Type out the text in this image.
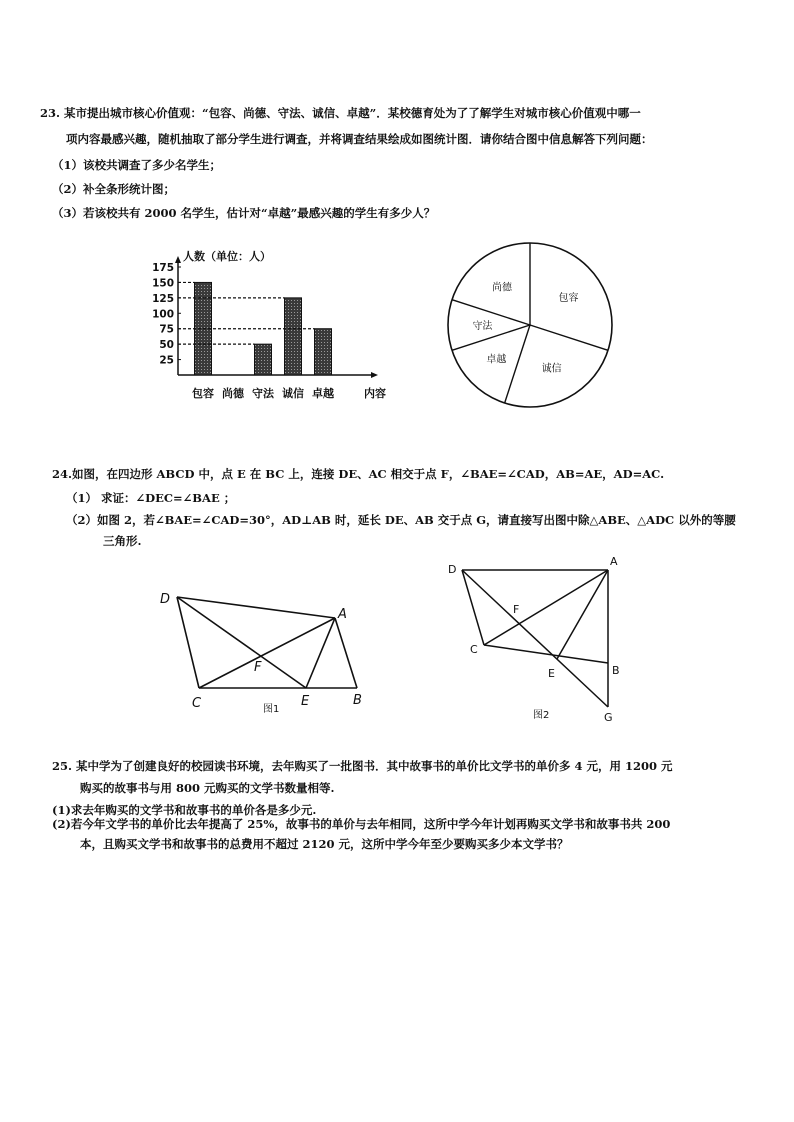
23. 某市提出城市核心价值观：“包容、尚德、守法、诚信、卓越”．某校德育处为了了解学生对城市核心价值观中哪一
项内容最感兴趣，随机抽取了部分学生进行调查，并将调查结果绘成如图统计图．请你结合图中信息解答下列问题：
（1）该校共调查了多少名学生；
（2）补全条形统计图；
（3）若该校共有 2000 名学生，估计对“卓越”最感兴趣的学生有多少人？
25
50
75
100
125
150
175
人数（单位：人）
内容
包容 尚德 守法 诚信 卓越
包容
诚信
卓越
守法
尚德
24.如图，在四边形 ABCD 中，点 E 在 BC 上，连接 DE、AC 相交于点 F，∠BAE=∠CAD，AB=AE，AD=AC.
（1） 求证：∠DEC=∠BAE ；
（2）如图 2，若∠BAE=∠CAD=30°，AD⊥AB 时，延长 DE、AB 交于点 G，请直接写出图中除△ABE、△ADC 以外的等腰
三角形.
D
A
F
C	E	B
图1
D
A
F
C
E	B
G
图2
25. 某中学为了创建良好的校园读书环境，去年购买了一批图书．其中故事书的单价比文学书的单价多 4 元，用 1200 元
购买的故事书与用 800 元购买的文学书数量相等.
(1)求去年购买的文学书和故事书的单价各是多少元.
(2)若今年文学书的单价比去年提高了 25%，故事书的单价与去年相同，这所中学今年计划再购买文学书和故事书共 200
本，且购买文学书和故事书的总费用不超过 2120 元，这所中学今年至少要购买多少本文学书？
